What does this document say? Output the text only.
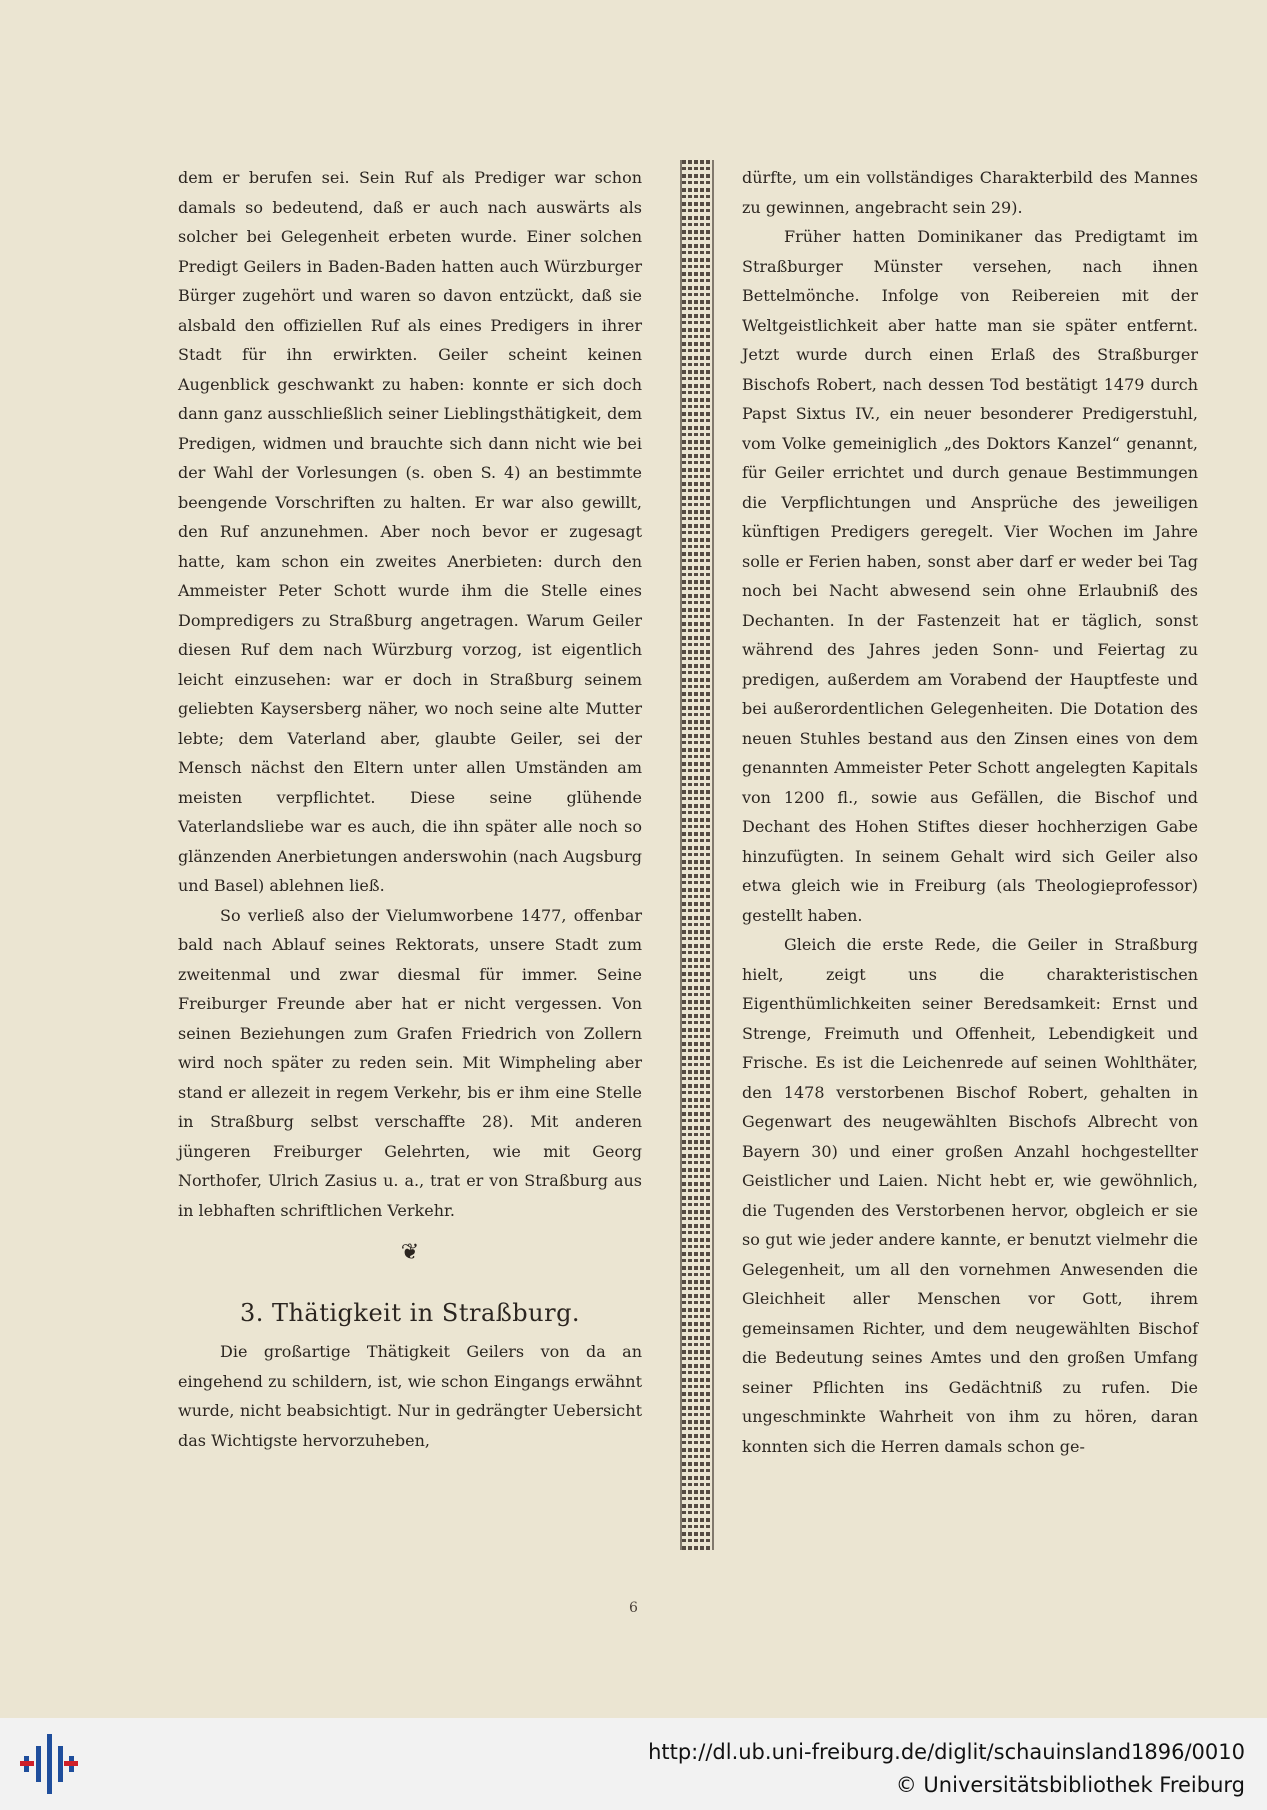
dem er berufen sei. Sein Ruf als Prediger war schon damals so bedeutend, daß er auch nach auswärts als solcher bei Gelegenheit erbeten wurde. Einer solchen Predigt Geilers in Baden-Baden hatten auch Würzburger Bürger zugehört und waren so davon entzückt, daß sie alsbald den offiziellen Ruf als eines Predigers in ihrer Stadt für ihn erwirkten. Geiler scheint keinen Augenblick geschwankt zu haben: konnte er sich doch dann ganz ausschließlich seiner Lieblingsthätigkeit, dem Predigen, widmen und brauchte sich dann nicht wie bei der Wahl der Vorlesungen (s. oben S. 4) an bestimmte beengende Vorschriften zu halten. Er war also gewillt, den Ruf anzunehmen. Aber noch bevor er zugesagt hatte, kam schon ein zweites Anerbieten: durch den Ammeister Peter Schott wurde ihm die Stelle eines Dompredigers zu Straßburg angetragen. Warum Geiler diesen Ruf dem nach Würzburg vorzog, ist eigentlich leicht einzusehen: war er doch in Straßburg seinem geliebten Kaysersberg näher, wo noch seine alte Mutter lebte; dem Vaterland aber, glaubte Geiler, sei der Mensch nächst den Eltern unter allen Umständen am meisten verpflichtet. Diese seine glühende Vaterlandsliebe war es auch, die ihn später alle noch so glänzenden Anerbietungen anderswohin (nach Augsburg und Basel) ablehnen ließ.

So verließ also der Vielumworbene 1477, offenbar bald nach Ablauf seines Rektorats, unsere Stadt zum zweitenmal und zwar diesmal für immer. Seine Freiburger Freunde aber hat er nicht vergessen. Von seinen Beziehungen zum Grafen Friedrich von Zollern wird noch später zu reden sein. Mit Wimpheling aber stand er allezeit in regem Verkehr, bis er ihm eine Stelle in Straßburg selbst verschaffte 28). Mit anderen jüngeren Freiburger Gelehrten, wie mit Georg Northofer, Ulrich Zasius u. a., trat er von Straßburg aus in lebhaften schriftlichen Verkehr.

❦
3. Thätigkeit in Straßburg.

Die großartige Thätigkeit Geilers von da an eingehend zu schildern, ist, wie schon Eingangs erwähnt wurde, nicht beabsichtigt. Nur in gedrängter Uebersicht das Wichtigste hervorzuheben,

dürfte, um ein vollständiges Charakterbild des Mannes zu gewinnen, angebracht sein 29).

Früher hatten Dominikaner das Predigtamt im Straßburger Münster versehen, nach ihnen Bettelmönche. Infolge von Reibereien mit der Weltgeistlichkeit aber hatte man sie später entfernt. Jetzt wurde durch einen Erlaß des Straßburger Bischofs Robert, nach dessen Tod bestätigt 1479 durch Papst Sixtus IV., ein neuer besonderer Predigerstuhl, vom Volke gemeiniglich „des Doktors Kanzel“ genannt, für Geiler errichtet und durch genaue Bestimmungen die Verpflichtungen und Ansprüche des jeweiligen künftigen Predigers geregelt. Vier Wochen im Jahre solle er Ferien haben, sonst aber darf er weder bei Tag noch bei Nacht abwesend sein ohne Erlaubniß des Dechanten. In der Fastenzeit hat er täglich, sonst während des Jahres jeden Sonn- und Feiertag zu predigen, außerdem am Vorabend der Hauptfeste und bei außerordentlichen Gelegenheiten. Die Dotation des neuen Stuhles bestand aus den Zinsen eines von dem genannten Ammeister Peter Schott angelegten Kapitals von 1200 fl., sowie aus Gefällen, die Bischof und Dechant des Hohen Stiftes dieser hochherzigen Gabe hinzufügten. In seinem Gehalt wird sich Geiler also etwa gleich wie in Freiburg (als Theologieprofessor) gestellt haben.

Gleich die erste Rede, die Geiler in Straßburg hielt, zeigt uns die charakteristischen Eigenthümlichkeiten seiner Beredsamkeit: Ernst und Strenge, Freimuth und Offenheit, Lebendigkeit und Frische. Es ist die Leichenrede auf seinen Wohlthäter, den 1478 verstorbenen Bischof Robert, gehalten in Gegenwart des neugewählten Bischofs Albrecht von Bayern 30) und einer großen Anzahl hochgestellter Geistlicher und Laien. Nicht hebt er, wie gewöhnlich, die Tugenden des Verstorbenen hervor, obgleich er sie so gut wie jeder andere kannte, er benutzt vielmehr die Gelegenheit, um all den vornehmen Anwesenden die Gleichheit aller Menschen vor Gott, ihrem gemeinsamen Richter, und dem neugewählten Bischof die Bedeutung seines Amtes und den großen Umfang seiner Pflichten ins Gedächtniß zu rufen. Die ungeschminkte Wahrheit von ihm zu hören, daran konnten sich die Herren damals schon ge-

6
http://dl.ub.uni-freiburg.de/diglit/schauinsland1896/0010
© Universitätsbibliothek Freiburg
